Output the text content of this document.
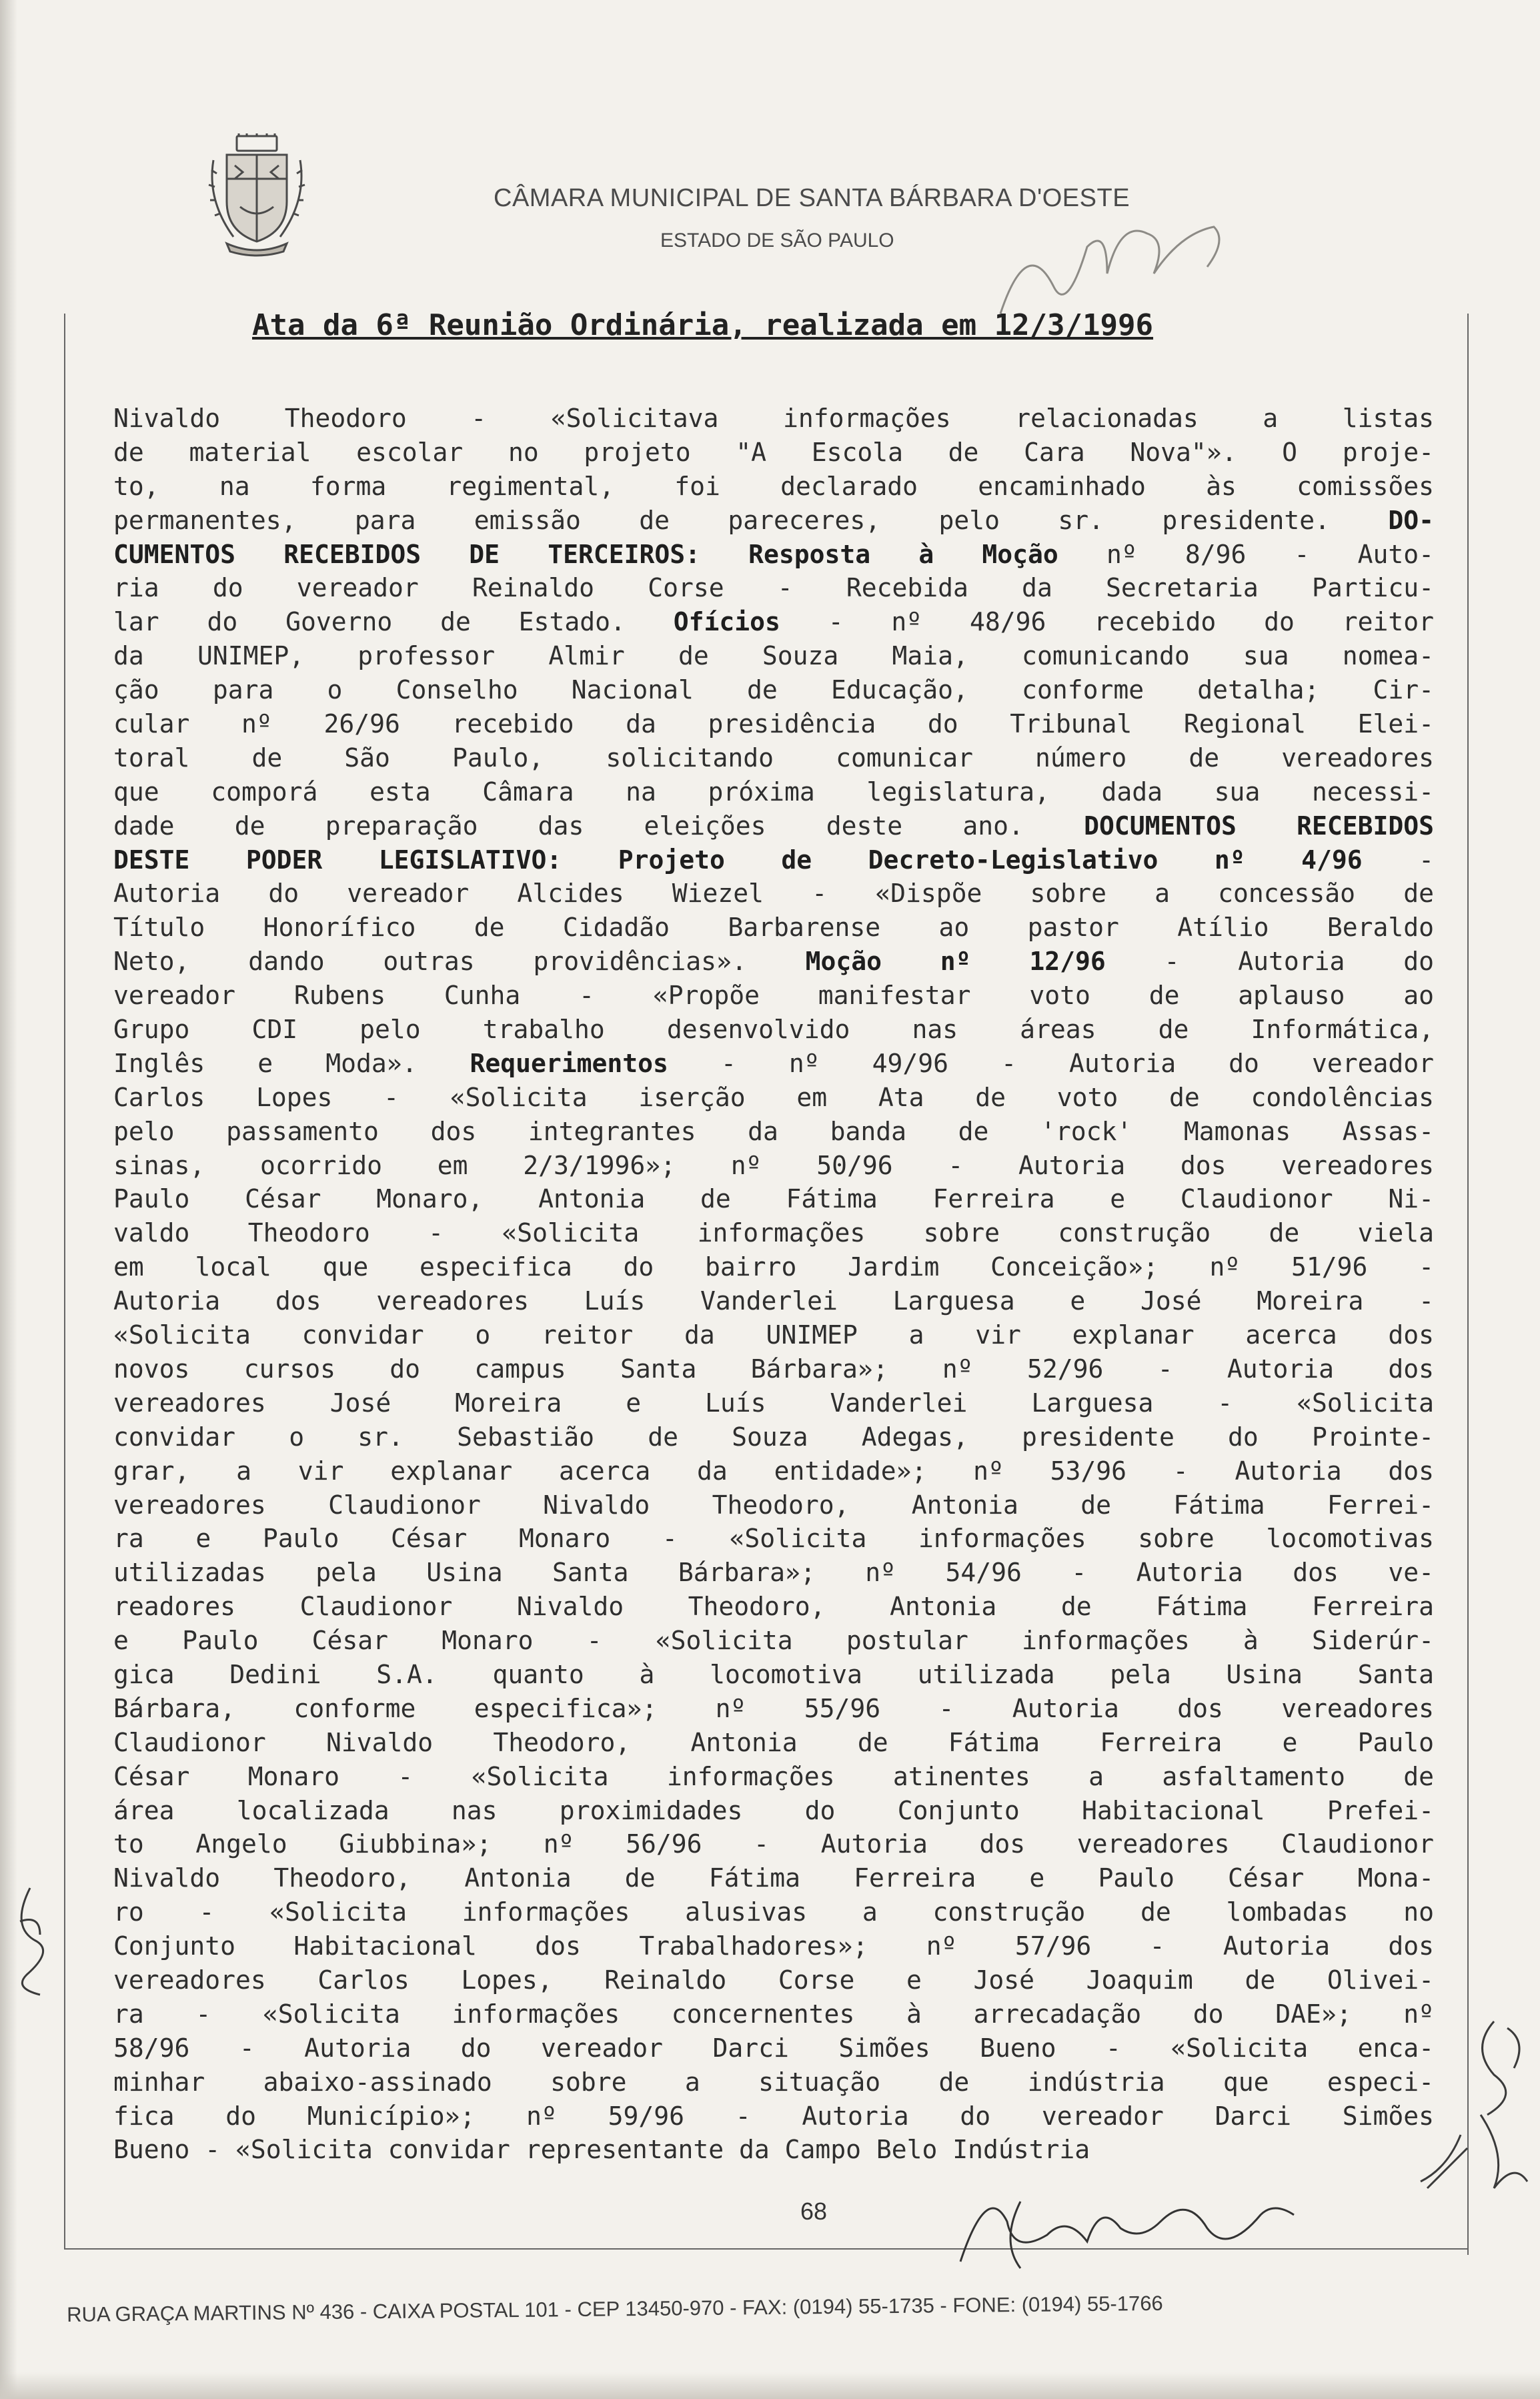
CÂMARA MUNICIPAL DE SANTA BÁRBARA D'OESTE
ESTADO DE SÃO PAULO
Ata da 6ª Reunião Ordinária, realizada em 12/3/1996
Nivaldo Theodoro - «Solicitava informações relacionadas a listas
de material escolar no projeto "A Escola de Cara Nova"». O proje-
to, na forma regimental, foi declarado encaminhado às comissões
permanentes, para emissão de pareceres, pelo sr. presidente. DO-
CUMENTOS RECEBIDOS DE TERCEIROS: Resposta à Moção nº 8/96 - Auto-
ria do vereador Reinaldo Corse - Recebida da Secretaria Particu-
lar do Governo de Estado. Ofícios - nº 48/96 recebido do reitor
da UNIMEP, professor Almir de Souza Maia, comunicando sua nomea-
ção para o Conselho Nacional de Educação, conforme detalha; Cir-
cular nº 26/96 recebido da presidência do Tribunal Regional Elei-
toral de São Paulo, solicitando comunicar número de vereadores
que comporá esta Câmara na próxima legislatura, dada sua necessi-
dade de preparação das eleições deste ano. DOCUMENTOS RECEBIDOS
DESTE PODER LEGISLATIVO: Projeto de Decreto-Legislativo nº 4/96 -
Autoria do vereador Alcides Wiezel - «Dispõe sobre a concessão de
Título Honorífico de Cidadão Barbarense ao pastor Atílio Beraldo
Neto, dando outras providências». Moção nº 12/96 - Autoria do
vereador Rubens Cunha - «Propõe manifestar voto de aplauso ao
Grupo CDI pelo trabalho desenvolvido nas áreas de Informática,
Inglês e Moda». Requerimentos - nº 49/96 - Autoria do vereador
Carlos Lopes - «Solicita iserção em Ata de voto de condolências
pelo passamento dos integrantes da banda de 'rock' Mamonas Assas-
sinas, ocorrido em 2/3/1996»; nº 50/96 - Autoria dos vereadores
Paulo César Monaro, Antonia de Fátima Ferreira e Claudionor Ni-
valdo Theodoro - «Solicita informações sobre construção de viela
em local que especifica do bairro Jardim Conceição»; nº 51/96 -
Autoria dos vereadores Luís Vanderlei Larguesa e José Moreira -
«Solicita convidar o reitor da UNIMEP a vir explanar acerca dos
novos cursos do campus Santa Bárbara»; nº 52/96 - Autoria dos
vereadores José Moreira e Luís Vanderlei Larguesa - «Solicita
convidar o sr. Sebastião de Souza Adegas, presidente do Prointe-
grar, a vir explanar acerca da entidade»; nº 53/96 - Autoria dos
vereadores Claudionor Nivaldo Theodoro, Antonia de Fátima Ferrei-
ra e Paulo César Monaro - «Solicita informações sobre locomotivas
utilizadas pela Usina Santa Bárbara»; nº 54/96 - Autoria dos ve-
readores Claudionor Nivaldo Theodoro, Antonia de Fátima Ferreira
e Paulo César Monaro - «Solicita postular informações à Siderúr-
gica Dedini S.A. quanto à locomotiva utilizada pela Usina Santa
Bárbara, conforme especifica»; nº 55/96 - Autoria dos vereadores
Claudionor Nivaldo Theodoro, Antonia de Fátima Ferreira e Paulo
César Monaro - «Solicita informações atinentes a asfaltamento de
área localizada nas proximidades do Conjunto Habitacional Prefei-
to Angelo Giubbina»; nº 56/96 - Autoria dos vereadores Claudionor
Nivaldo Theodoro, Antonia de Fátima Ferreira e Paulo César Mona-
ro - «Solicita informações alusivas a construção de lombadas no
Conjunto Habitacional dos Trabalhadores»; nº 57/96 - Autoria dos
vereadores Carlos Lopes, Reinaldo Corse e José Joaquim de Olivei-
ra - «Solicita informações concernentes à arrecadação do DAE»; nº
58/96 - Autoria do vereador Darci Simões Bueno - «Solicita enca-
minhar abaixo-assinado sobre a situação de indústria que especi-
fica do Município»; nº 59/96 - Autoria do vereador Darci Simões
Bueno - «Solicita convidar representante da Campo Belo Indústria
68
RUA GRAÇA MARTINS Nº 436 - CAIXA POSTAL 101 - CEP 13450-970 - FAX: (0194) 55-1735 - FONE: (0194) 55-1766
